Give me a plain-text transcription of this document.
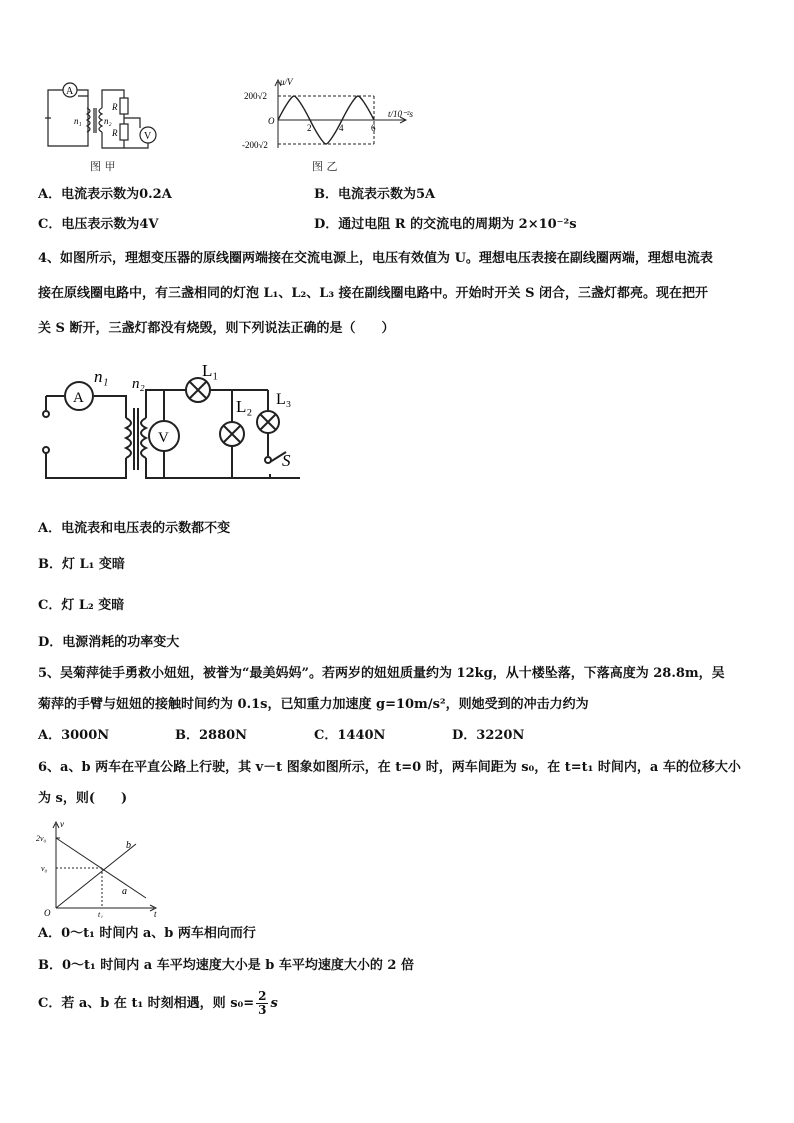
A
V
n₁ n₂
R
R
图 甲
u/V
t/10⁻²s
200√2
-200√2
O
2	4	6
图 乙
A．电流表示数为0.2A	B．电流表示数为5A
C．电压表示数为4V	D．通过电阻 R 的交流电的周期为 2×10⁻²s
4、如图所示，理想变压器的原线圈两端接在交流电源上，电压有效值为 U。理想电压表接在副线圈两端，理想电流表
接在原线圈电路中，有三盏相同的灯泡 L₁、L₂、L₃ 接在副线圈电路中。开始时开关 S 闭合，三盏灯都亮。现在把开
关 S 断开，三盏灯都没有烧毁，则下列说法正确的是（　　）
A
V
n₁ n₂
L₁
L₂ L₃
S
A．电流表和电压表的示数都不变
B．灯 L₁ 变暗
C．灯 L₂ 变暗
D．电源消耗的功率变大
5、吴菊萍徒手勇救小妞妞，被誉为“最美妈妈”。若两岁的妞妞质量约为 12kg，从十楼坠落，下落高度为 28.8m，吴
菊萍的手臂与妞妞的接触时间约为 0.1s，已知重力加速度 g=10m/s²，则她受到的冲击力约为
A．3000N	B．2880N	C．1440N	D．3220N
6、a、b 两车在平直公路上行驶，其 v－t 图象如图所示，在 t=0 时，两车间距为 s₀，在 t=t₁ 时间内，a 车的位移大小
为 s，则(　　)
v
t
O
2v₀
v₀
t₁
a
b
A．0～t₁ 时间内 a、b 两车相向而行
B．0～t₁ 时间内 a 车平均速度大小是 b 车平均速度大小的 2 倍
C．若 a、b 在 t₁ 时刻相遇，则 $s_0= \frac{2}{3}$ s
